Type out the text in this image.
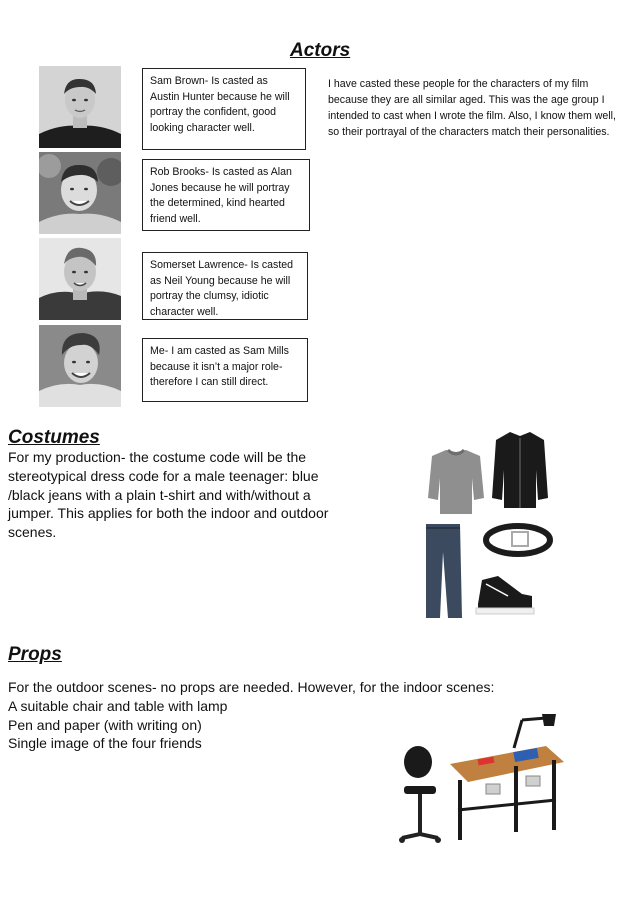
Actors
Sam Brown- Is casted as Austin Hunter because he will portray the confident, good looking character well.
Rob Brooks- Is casted as Alan Jones because he will portray the determined, kind hearted friend well.
Somerset Lawrence- Is casted as Neil Young because he will portray the clumsy, idiotic character well.
Me- I am casted as Sam Mills because it isn’t a major role- therefore I can still direct.
I have casted these people for the characters of my film because they are all similar aged. This was the age group I intended to cast when I wrote the film. Also, I know them well, so their portrayal of the characters match their personalities.
Costumes
For my production- the costume code will be the stereotypical dress code for a male teenager: blue /black jeans with a plain t-shirt and with/without a jumper. This applies for both the indoor and outdoor scenes.
Props
For the outdoor scenes- no props are needed. However, for the indoor scenes:
A suitable chair and table with lamp
Pen and paper (with writing on)
Single image of the four friends
